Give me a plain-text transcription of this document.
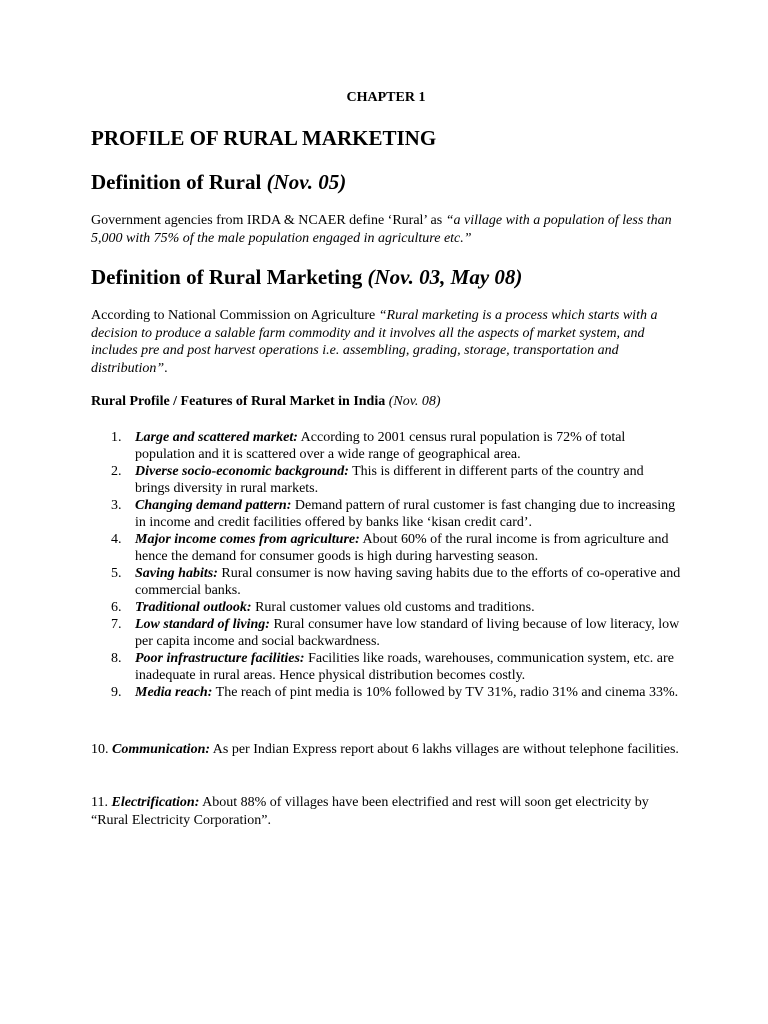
CHAPTER 1
PROFILE OF RURAL MARKETING
Definition of Rural (Nov. 05)

Government agencies from IRDA & NCAER define ‘Rural’ as “a village with a population of less than 5,000 with 75% of the male population engaged in agriculture etc.”

Definition of Rural Marketing (Nov. 03, May 08)

According to National Commission on Agriculture “Rural marketing is a process which starts with a decision to produce a salable farm commodity and it involves all the aspects of market system, and includes pre and post harvest operations i.e. assembling, grading, storage, transportation and distribution”.

Rural Profile / Features of Rural Market in India (Nov. 08)
1. Large and scattered market: According to 2001 census rural population is 72% of total population and it is scattered over a wide range of geographical area.
2. Diverse socio-economic background: This is different in different parts of the country and brings diversity in rural markets.
3. Changing demand pattern: Demand pattern of rural customer is fast changing due to increasing in income and credit facilities offered by banks like ‘kisan credit card’.
4. Major income comes from agriculture: About 60% of the rural income is from agriculture and hence the demand for consumer goods is high during harvesting season.
5. Saving habits: Rural consumer is now having saving habits due to the efforts of co-operative and commercial banks.
6. Traditional outlook: Rural customer values old customs and traditions.
7. Low standard of living: Rural consumer have low standard of living because of low literacy, low per capita income and social backwardness.
8. Poor infrastructure facilities: Facilities like roads, warehouses, communication system, etc. are inadequate in rural areas. Hence physical distribution becomes costly.
9. Media reach: The reach of pint media is 10% followed by TV 31%, radio 31% and cinema 33%.

10. Communication: As per Indian Express report about 6 lakhs villages are without telephone facilities.

11. Electrification: About 88% of villages have been electrified and rest will soon get electricity by “Rural Electricity Corporation”.
